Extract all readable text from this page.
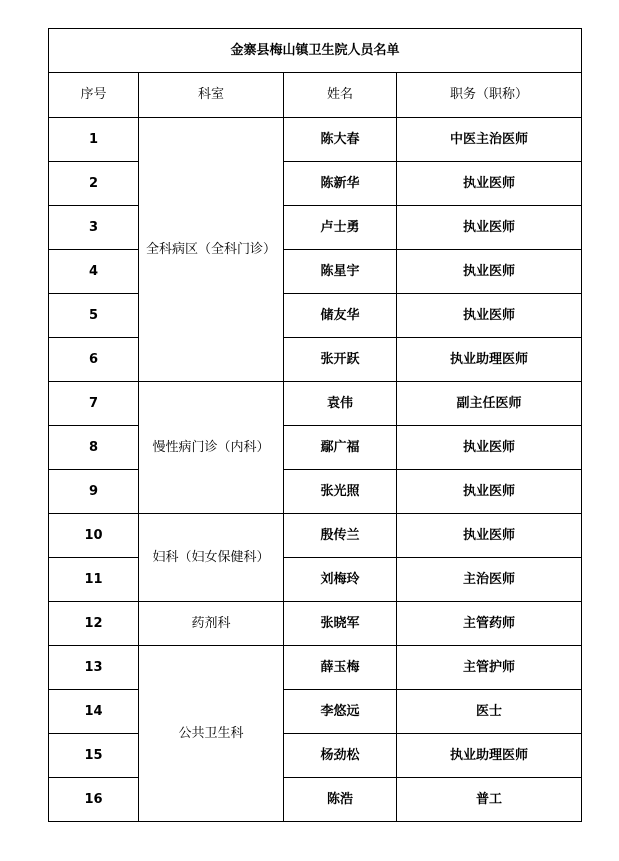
金寨县梅山镇卫生院人员名单			
序号	科室	姓名	职务（职称）
1	全科病区（全科门诊）	陈大春	中医主治医师
2		陈新华	执业医师
3		卢士勇	执业医师
4		陈星宇	执业医师
5		储友华	执业医师
6		张开跃	执业助理医师
7	慢性病门诊（内科）	袁伟	副主任医师
8		鄢广福	执业医师
9		张光照	执业医师
10	妇科（妇女保健科）	殷传兰	执业医师
11		刘梅玲	主治医师
12	药剂科	张晓军	主管药师
13	公共卫生科	薛玉梅	主管护师
14		李悠远	医士
15		杨劲松	执业助理医师
16		陈浩	普工
